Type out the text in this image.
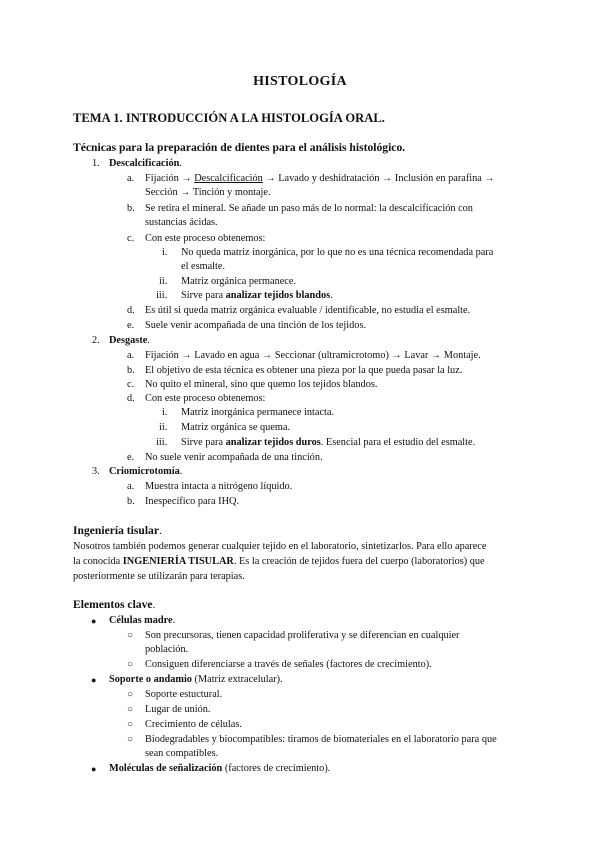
HISTOLOGÍA
TEMA 1. INTRODUCCIÓN A LA HISTOLOGÍA ORAL.
Técnicas para la preparación de dientes para el análisis histológico.
1. Descalcificación.
a. Fijación → Descalcificación → Lavado y deshidratación → Inclusión en parafina →
Sección → Tinción y montaje.
b. Se retira el mineral. Se añade un paso más de lo normal: la descalcificación con
sustancias ácidas.
c. Con este proceso obtenemos:
i. No queda matriz inorgánica, por lo que no es una técnica recomendada para
el esmalte.
ii. Matriz orgánica permanece.
iii. Sirve para analizar tejidos blandos.
d. Es útil si queda matriz orgánica evaluable / identificable, no estudia el esmalte.
e. Suele venir acompañada de una tinción de los tejidos.
2. Desgaste.
a. Fijación → Lavado en agua → Seccionar (ultramicrotomo) → Lavar → Montaje.
b. El objetivo de esta técnica es obtener una pieza por la que pueda pasar la luz.
c. No quito el mineral, sino que quemo los tejidos blandos.
d. Con este proceso obtenemos:
i. Matriz inorgánica permanece intacta.
ii. Matriz orgánica se quema.
iii. Sirve para analizar tejidos duros. Esencial para el estudio del esmalte.
e. No suele venir acompañada de una tinción.
3. Criomicrotomía.
a. Muestra intacta a nitrógeno líquido.
b. Inespecífico para IHQ.
Ingeniería tisular.
Nosotros también podemos generar cualquier tejido en el laboratorio, sintetizarlos. Para ello aparece
la conocida INGENIERÍA TISULAR. Es la creación de tejidos fuera del cuerpo (laboratorios) que
posteriormente se utilizarán para terapias.
Elementos clave.
● Células madre.
○ Son precursoras, tienen capacidad proliferativa y se diferencian en cualquier
población.
○ Consiguen diferenciarse a través de señales (factores de crecimiento).
● Soporte o andamio (Matriz extracelular).
○ Soporte estuctural.
○ Lugar de unión.
○ Crecimiento de células.
○ Biodegradables y biocompatibles: tiramos de biomateriales en el laboratorio para que
sean compatibles.
● Moléculas de señalización (factores de crecimiento).
